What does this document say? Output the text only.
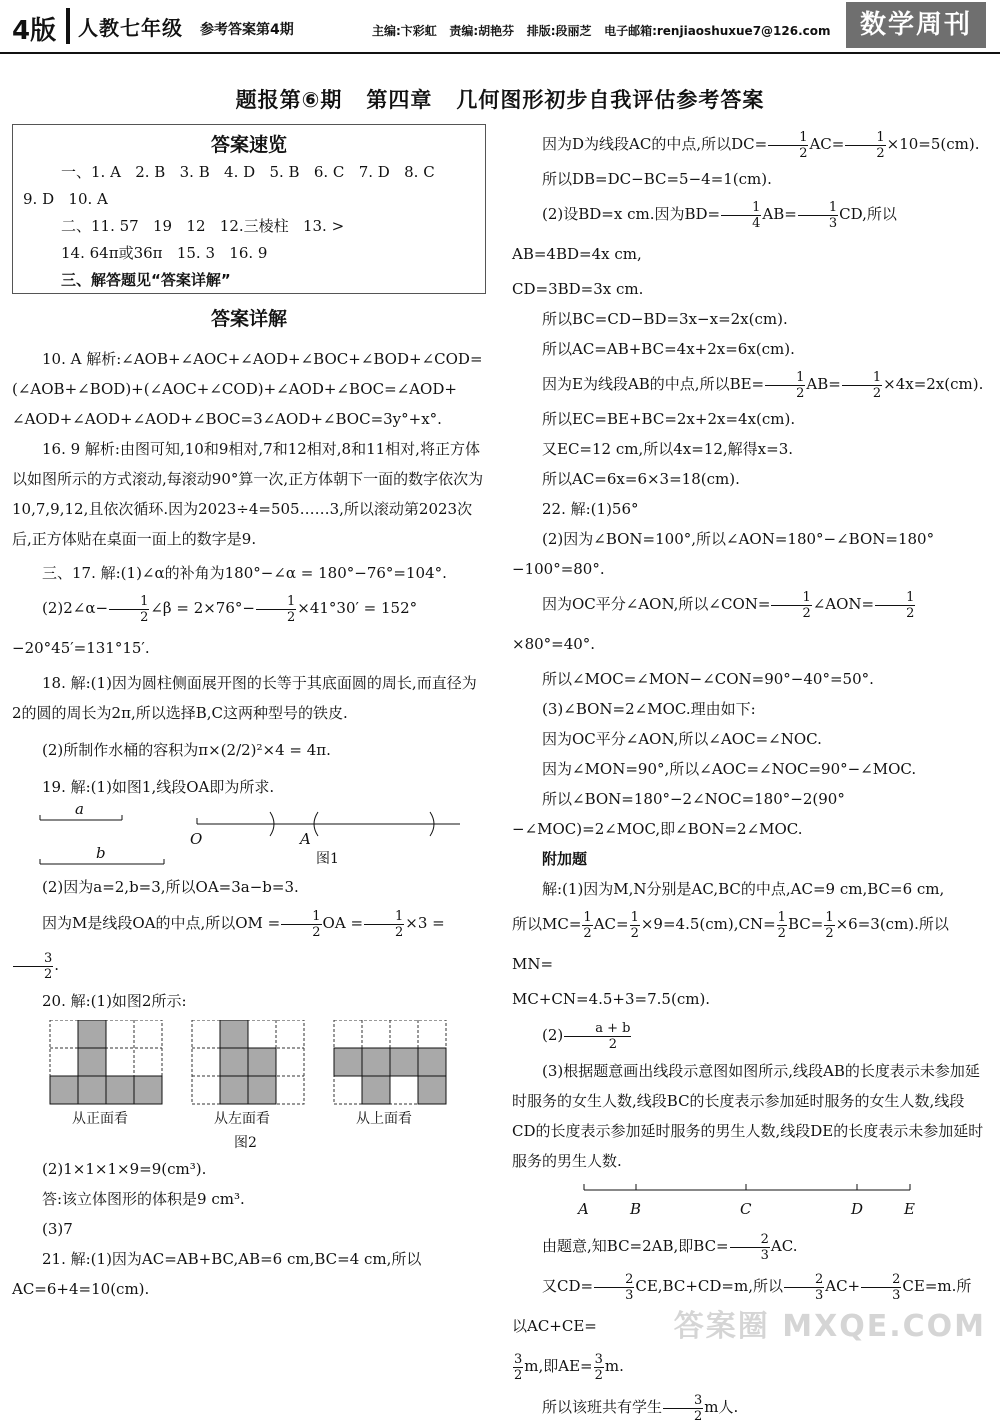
4版 人教七年级 参考答案第4期	主编:卞彩虹 责编:胡艳芬 排版:段丽芝 电子邮箱:renjiaoshuxue7@126.com	数学周刊
题报第⑥期 第四章 几何图形初步自我评估参考答案
答案速览

一、1. A   2. B   3. B   4. D   5. B   6. C   7. D   8. C

9. D   10. A

二、11. 57   19   12   12.三棱柱   13. >

14. 64π或36π   15. 3   16. 9

三、解答题见“答案详解”

答案详解

10. A 解析:∠AOB+∠AOC+∠AOD+∠BOC+∠BOD+∠COD=

(∠AOB+∠BOD)+(∠AOC+∠COD)+∠AOD+∠BOC=∠AOD+

∠AOD+∠AOD+∠AOD+∠BOC=3∠AOD+∠BOC=3y°+x°.

16. 9 解析:由图可知,10和9相对,7和12相对,8和11相对,将正方体以如图所示的方式滚动,每滚动90°算一次,正方体朝下一面的数字依次为10,7,9,12,且依次循环.因为2023÷4=505……3,所以滚动第2023次后,正方体贴在桌面一面上的数字是9.

三、17. 解:(1)∠α的补角为180°−∠α = 180°−76°=104°.

(2)2∠α− $\frac{1}{2}$ ∠β = $2\times 76^\circ- \frac{1}{2} \times 41^\circ 30' = 152^\circ-20^\circ 45'=131^\circ 15'$.

18. 解:(1)因为圆柱侧面展开图的长等于其底面圆的周长,而直径为2的圆的周长为2π,所以选择B,C这两种型号的铁皮.

(2)所制作水桶的容积为π×(2/2)²×4 = 4π.

19. 解:(1)如图1,线段OA即为所求.

a
b
O	A
图1

(2)因为a=2,b=3,所以OA=3a−b=3.

因为M是线段OA的中点,所以OM = $\frac{1}{2}$ OA = $\frac{1}{2} \times 3$ =
$\frac{3}{2}$ .

20. 解:(1)如图2所示:

从正面看	从左面看	从上面看
图2

(2)1×1×1×9=9(cm³).

答:该立体图形的体积是9 cm³.

(3)7

21. 解:(1)因为AC=AB+BC,AB=6 cm,BC=4 cm,所以AC=6+4=10(cm).

因为D为线段AC的中点,所以$DC= \frac{1}{2} AC= \frac{1}{2} \times 10=5(cm)$.

所以DB=DC−BC=5−4=1(cm).

(2)设BD=x cm.因为$BD= \frac{1}{4} AB= \frac{1}{3}$ CD,所以AB=4BD=4x cm,

CD=3BD=3x cm.

所以BC=CD−BD=3x−x=2x(cm).

所以AC=AB+BC=4x+2x=6x(cm).

因为E为线段AB的中点,所以$BE= \frac{1}{2} AB= \frac{1}{2} \times 4x=2x(cm)$.

所以EC=BE+BC=2x+2x=4x(cm).

又EC=12 cm,所以4x=12,解得x=3.

所以AC=6x=6×3=18(cm).

22. 解:(1)56°

(2)因为∠BON=100°,所以∠AON=180°−∠BON=180°−100°=80°.

因为OC平分∠AON,所以∠CON= $\frac{1}{2}$ ∠AON= $\frac{1}{2}$
×80°=40°.

所以∠MOC=∠MON−∠CON=90°−40°=50°.

(3)∠BON=2∠MOC.理由如下:

因为OC平分∠AON,所以∠AOC=∠NOC.

因为∠MON=90°,所以∠AOC=∠NOC=90°−∠MOC.

所以∠BON=180°−2∠NOC=180°−2(90°−∠MOC)=2∠MOC,即∠BON=2∠MOC.

附加题

解:(1)因为M,N分别是AC,BC的中点,AC=9 cm,BC=6 cm,

所以$MC= \frac{1}{2} AC= \frac{1}{2} \times 9=4.5(cm),CN= \frac{1}{2} BC= \frac{1}{2} \times 6=3(cm)$.所以MN=

MC+CN=4.5+3=7.5(cm).

$(2) \frac{a + b}{2}$

(3)根据题意画出线段示意图如图所示,线段AB的长度表示未参加延时服务的女生人数,线段BC的长度表示参加延时服务的女生人数,线段CD的长度表示参加延时服务的男生人数,线段DE的长度表示未参加延时服务的男生人数.

A	B	C	D	E

由题意,知BC=2AB,即$BC= \frac{2}{3}$ AC.

又$CD= \frac{2}{3} CE,BC+CD=m$,所以 $\frac{2}{3} AC+ \frac{2}{3} CE=m$.所以AC+CE=

$\frac{3}{2} m$,即$AE= \frac{3}{2} m$.

所以该班共有学生 $\frac{3}{2}$ m人.

答案圈 MXQE.COM
